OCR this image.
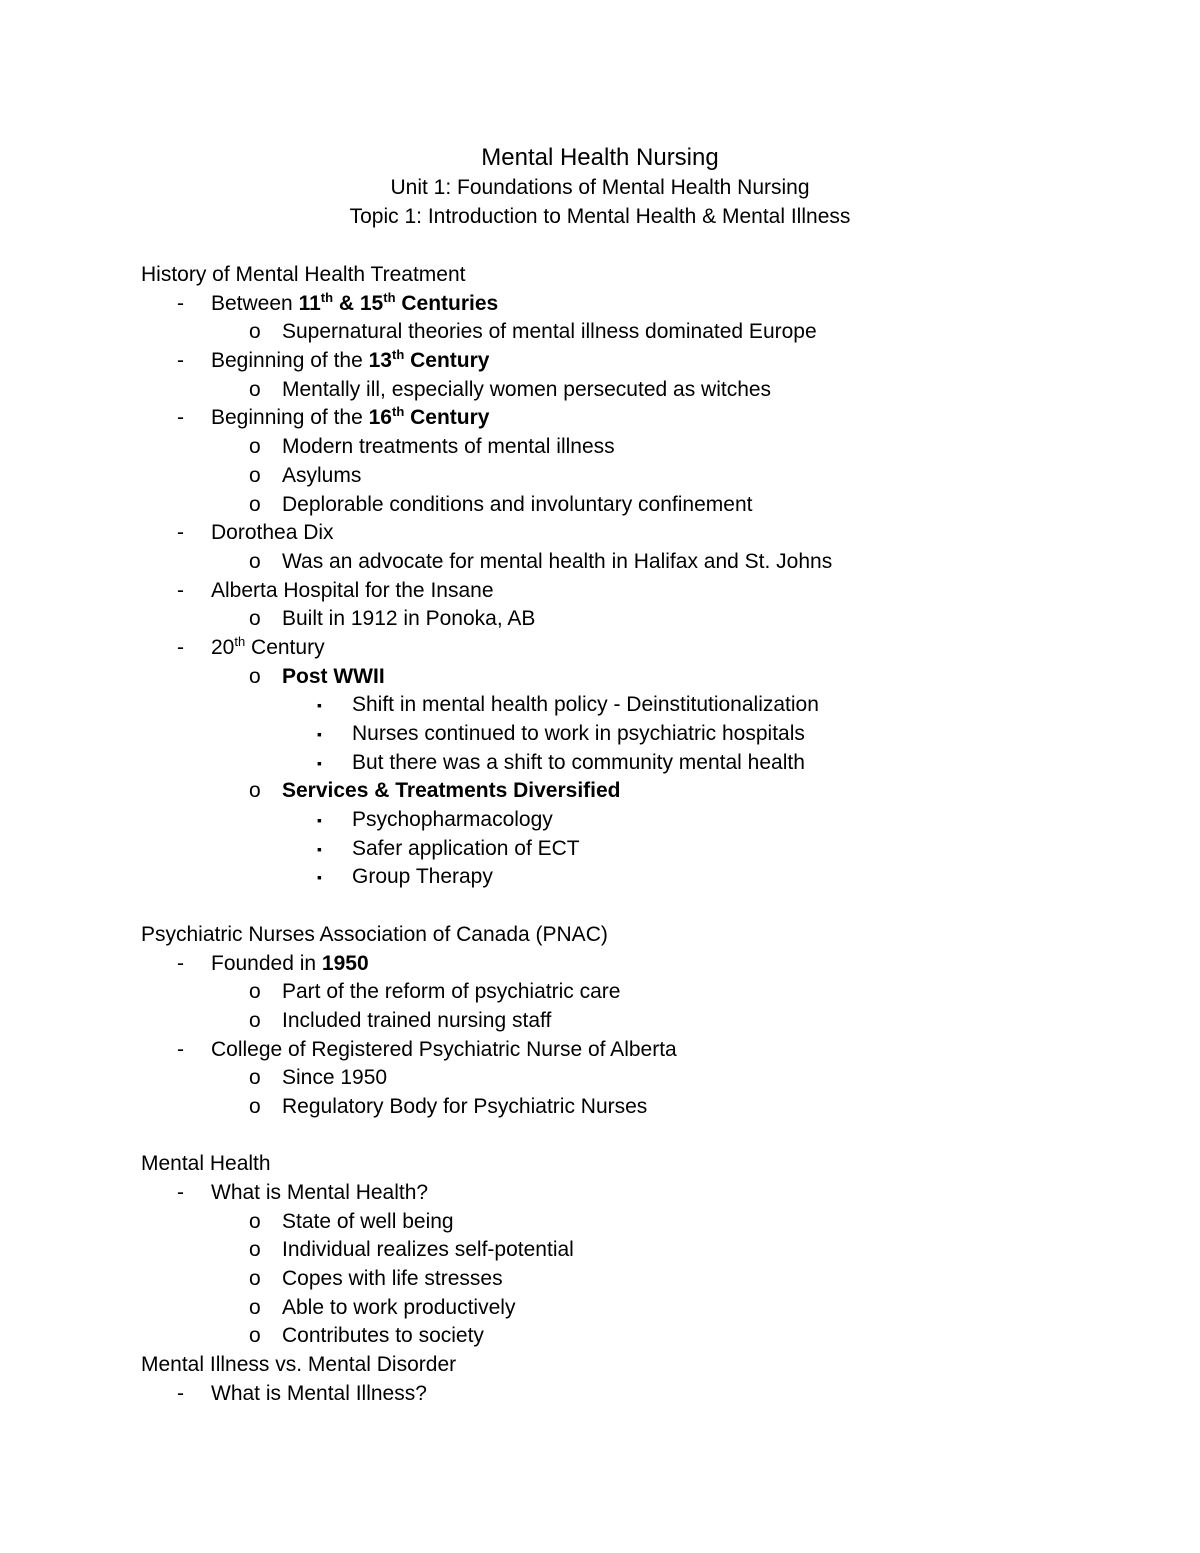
Mental Health Nursing
Unit 1: Foundations of Mental Health Nursing
Topic 1: Introduction to Mental Health & Mental Illness
History of Mental Health Treatment
- Between 11th & 15th Centuries
o Supernatural theories of mental illness dominated Europe
- Beginning of the 13th Century
o Mentally ill, especially women persecuted as witches
- Beginning of the 16th Century
o Modern treatments of mental illness
o Asylums
o Deplorable conditions and involuntary confinement
- Dorothea Dix
o Was an advocate for mental health in Halifax and St. Johns
- Alberta Hospital for the Insane
o Built in 1912 in Ponoka, AB
- 20th Century
o Post WWII
▪ Shift in mental health policy - Deinstitutionalization
▪ Nurses continued to work in psychiatric hospitals
▪ But there was a shift to community mental health
o Services & Treatments Diversified
▪ Psychopharmacology
▪ Safer application of ECT
▪ Group Therapy
Psychiatric Nurses Association of Canada (PNAC)
- Founded in 1950
o Part of the reform of psychiatric care
o Included trained nursing staff
- College of Registered Psychiatric Nurse of Alberta
o Since 1950
o Regulatory Body for Psychiatric Nurses
Mental Health
- What is Mental Health?
o State of well being
o Individual realizes self-potential
o Copes with life stresses
o Able to work productively
o Contributes to society
Mental Illness vs. Mental Disorder
- What is Mental Illness?
